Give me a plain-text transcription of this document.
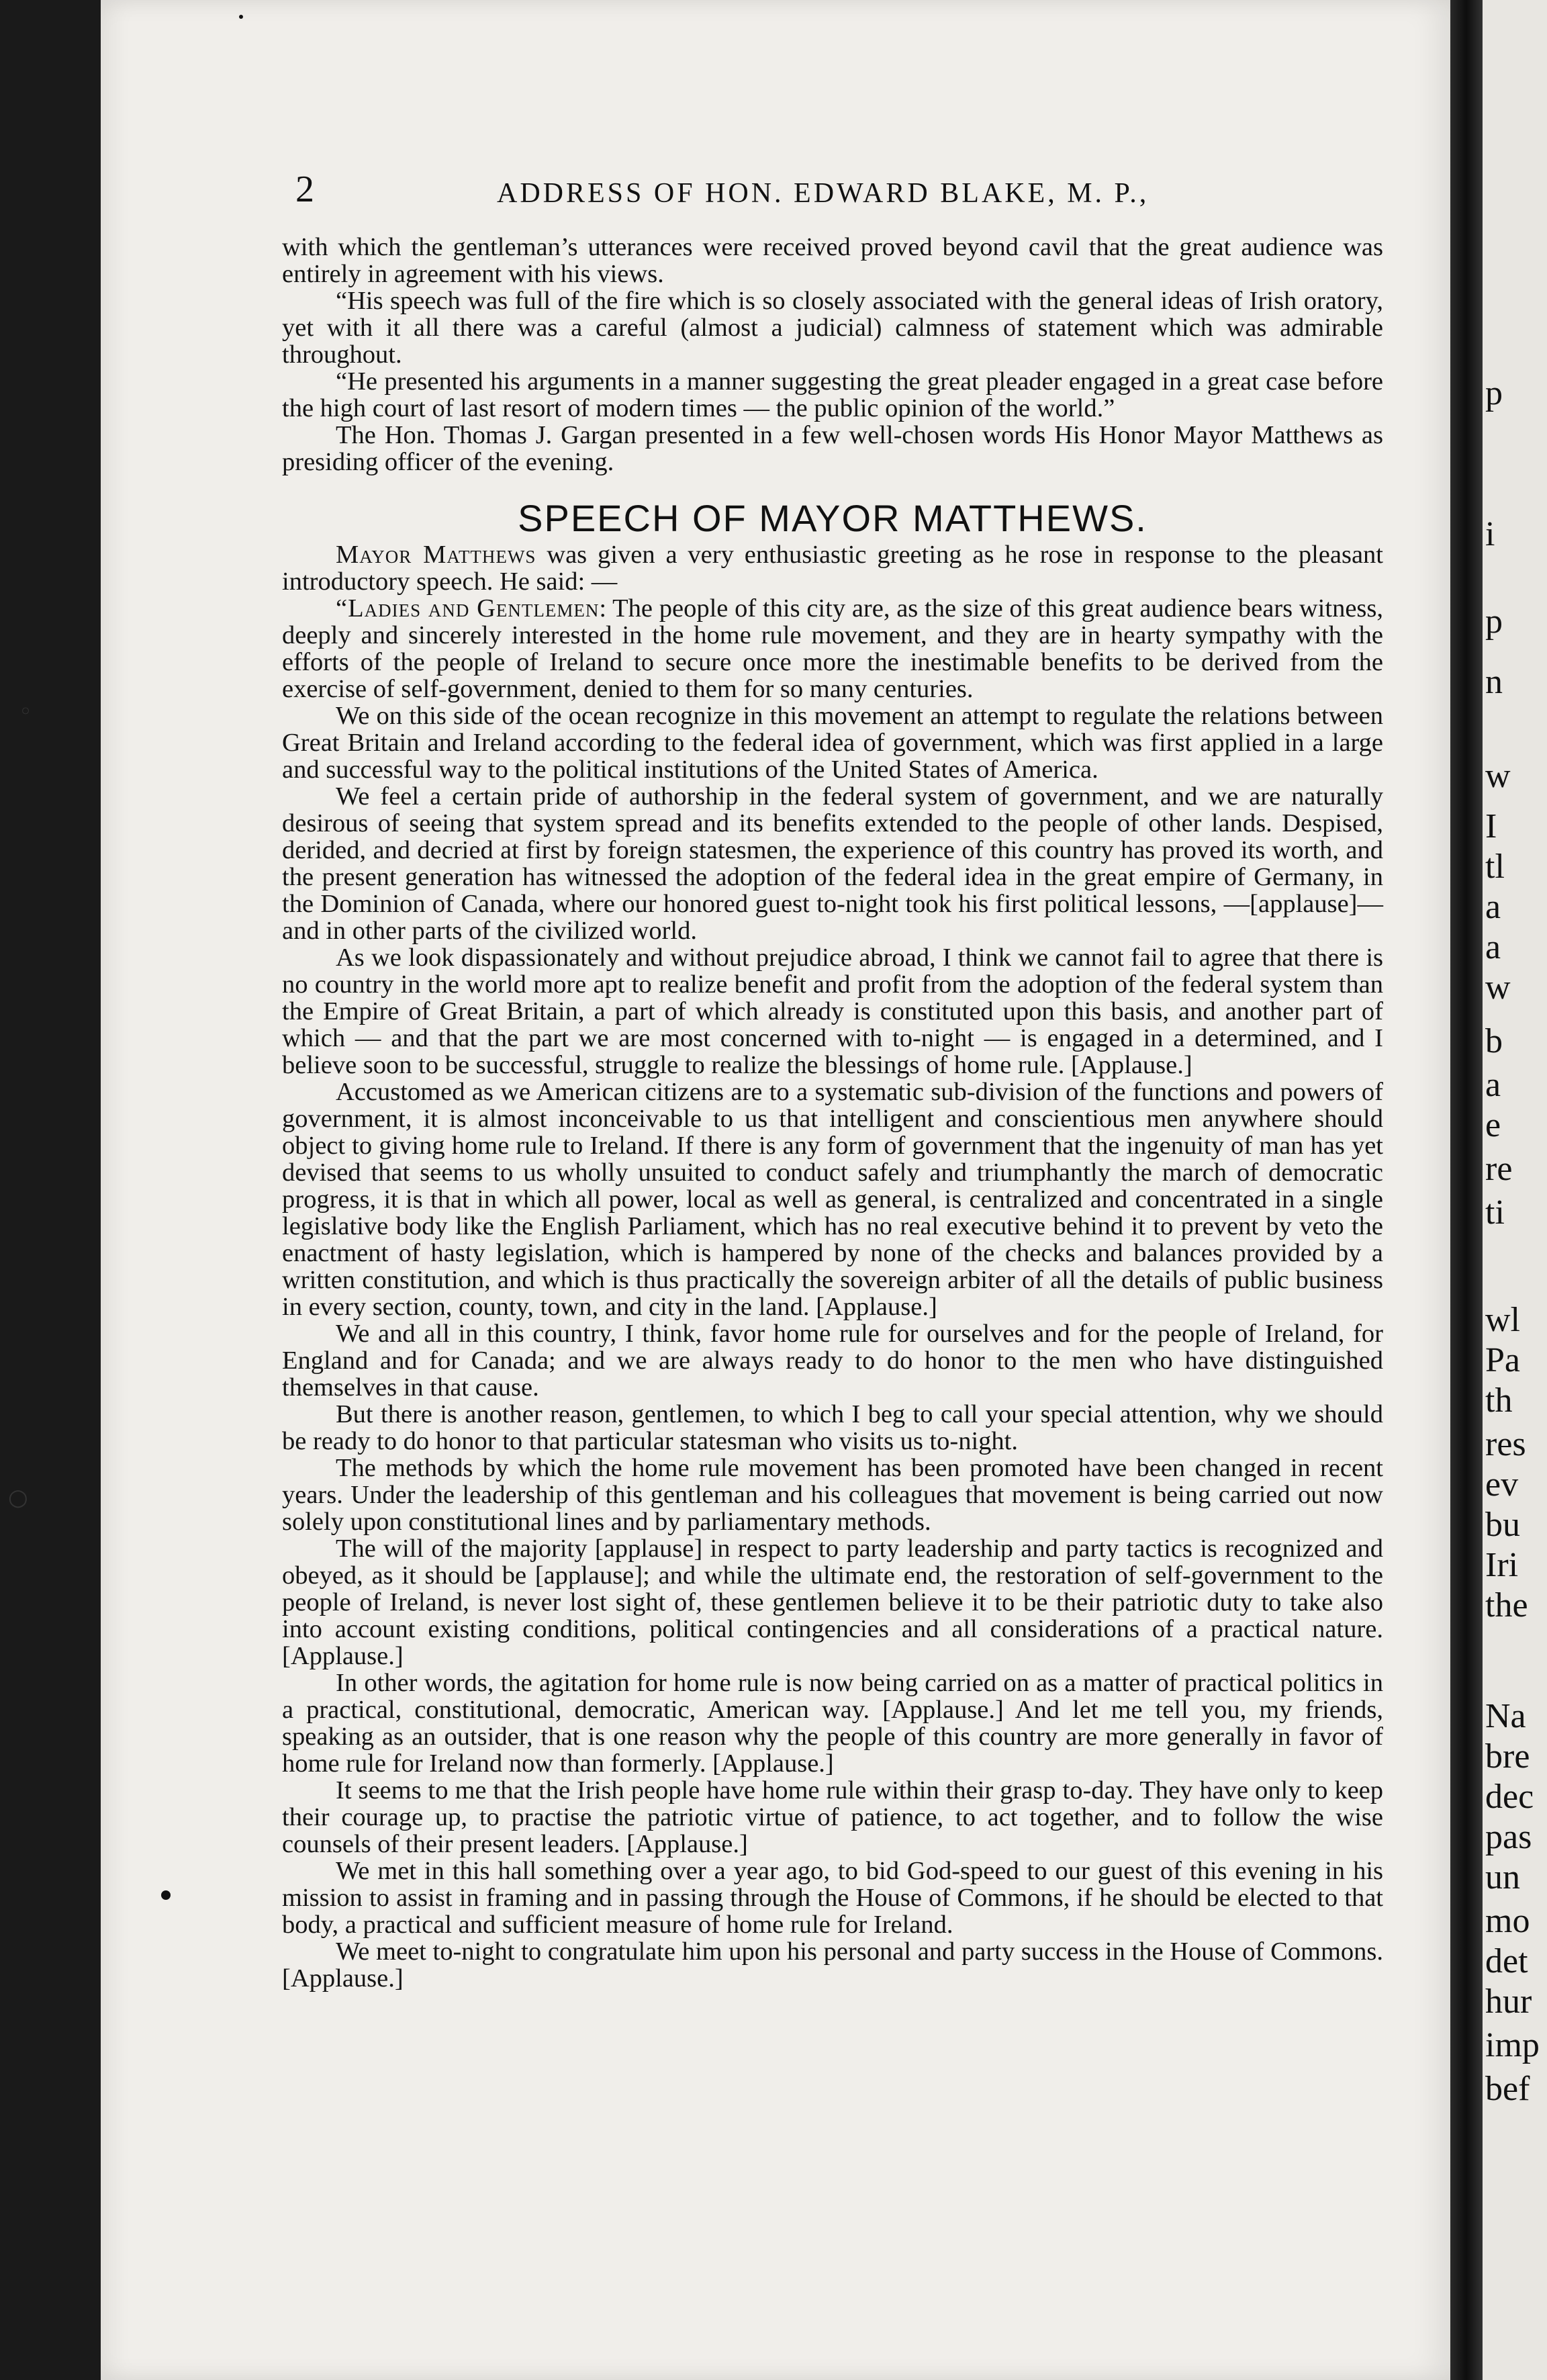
p
i
p
n
w
I
tl
a
a
w
b
a
e
re
ti
wl
Pa
th
res
ev
bu
Iri
the
Na
bre
dec
pas
un
mo
det
hur
imp
bef
◦
○
2	ADDRESS OF HON. EDWARD BLAKE, M. P.,

with which the gentleman’s utterances were received proved beyond cavil that the great audience was entirely in agreement with his views.

“His speech was full of the fire which is so closely associated with the general ideas of Irish oratory, yet with it all there was a careful (almost a judicial) calmness of statement which was admirable throughout.

“He presented his arguments in a manner suggesting the great pleader engaged in a great case before the high court of last resort of modern times — the public opinion of the world.”

The Hon. Thomas J. Gargan presented in a few well-chosen words His Honor Mayor Matthews as presiding officer of the evening.

SPEECH OF MAYOR MATTHEWS.

Mayor Matthews was given a very enthusiastic greeting as he rose in response to the pleasant introductory speech. He said: —

“Ladies and Gentlemen: The people of this city are, as the size of this great audience bears witness, deeply and sincerely interested in the home rule movement, and they are in hearty sympathy with the efforts of the people of Ireland to secure once more the inestimable benefits to be derived from the exercise of self-government, denied to them for so many centuries.

We on this side of the ocean recognize in this movement an attempt to regulate the relations between Great Britain and Ireland according to the federal idea of government, which was first applied in a large and successful way to the political institutions of the United States of America.

We feel a certain pride of authorship in the federal system of government, and we are naturally desirous of seeing that system spread and its benefits extended to the people of other lands. Despised, derided, and decried at first by foreign statesmen, the experience of this country has proved its worth, and the present generation has witnessed the adoption of the federal idea in the great empire of Germany, in the Dominion of Canada, where our honored guest to-night took his first political lessons, —[applause]— and in other parts of the civilized world.

As we look dispassionately and without prejudice abroad, I think we cannot fail to agree that there is no country in the world more apt to realize benefit and profit from the adoption of the federal system than the Empire of Great Britain, a part of which already is constituted upon this basis, and another part of which — and that the part we are most concerned with to-night — is engaged in a determined, and I believe soon to be successful, struggle to realize the blessings of home rule. [Applause.]

Accustomed as we American citizens are to a systematic sub-division of the functions and powers of government, it is almost inconceivable to us that intelligent and conscientious men anywhere should object to giving home rule to Ireland. If there is any form of government that the ingenuity of man has yet devised that seems to us wholly unsuited to conduct safely and triumphantly the march of democratic progress, it is that in which all power, local as well as general, is centralized and concentrated in a single legislative body like the English Parliament, which has no real executive behind it to prevent by veto the enactment of hasty legislation, which is hampered by none of the checks and balances provided by a written constitution, and which is thus practically the sovereign arbiter of all the details of public business in every section, county, town, and city in the land. [Applause.]

We and all in this country, I think, favor home rule for ourselves and for the people of Ireland, for England and for Canada; and we are always ready to do honor to the men who have distinguished themselves in that cause.

But there is another reason, gentlemen, to which I beg to call your special attention, why we should be ready to do honor to that particular statesman who visits us to-night.

The methods by which the home rule movement has been promoted have been changed in recent years. Under the leadership of this gentleman and his colleagues that movement is being carried out now solely upon constitutional lines and by parliamentary methods.

The will of the majority [applause] in respect to party leadership and party tactics is recognized and obeyed, as it should be [applause]; and while the ultimate end, the restoration of self-government to the people of Ireland, is never lost sight of, these gentlemen believe it to be their patriotic duty to take also into account existing conditions, political contingencies and all considerations of a practical nature. [Applause.]

In other words, the agitation for home rule is now being carried on as a matter of practical politics in a practical, constitutional, democratic, American way. [Applause.] And let me tell you, my friends, speaking as an outsider, that is one reason why the people of this country are more generally in favor of home rule for Ireland now than formerly. [Applause.]

It seems to me that the Irish people have home rule within their grasp to-day. They have only to keep their courage up, to practise the patriotic virtue of patience, to act together, and to follow the wise counsels of their present leaders. [Applause.]

We met in this hall something over a year ago, to bid God-speed to our guest of this evening in his mission to assist in framing and in passing through the House of Commons, if he should be elected to that body, a practical and sufficient measure of home rule for Ireland.

We meet to-night to congratulate him upon his personal and party success in the House of Commons. [Applause.]
